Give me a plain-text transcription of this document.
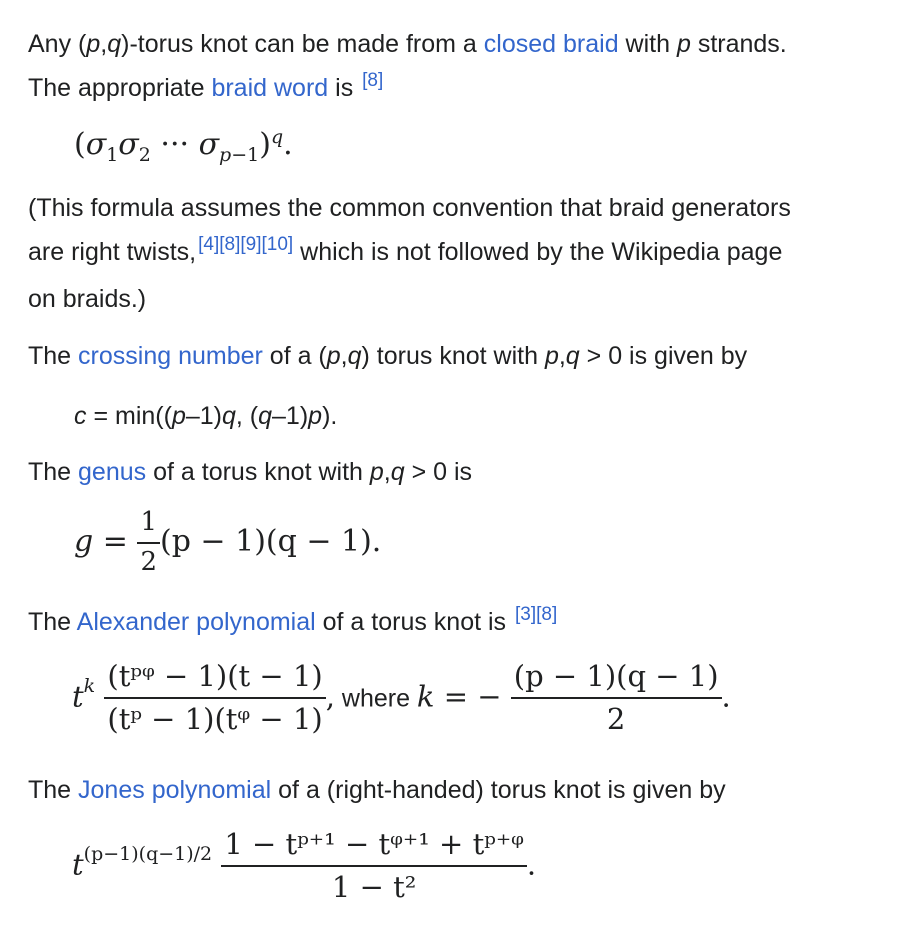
Any (p,q)-torus knot can be made from a closed braid with p strands.
The appropriate braid word is [8]

($\sigma_1\sigma_2$ ··· $\sigma_{p-1})^q$.

(This formula assumes the common convention that braid generators
are right twists, [4][8][9][10] which is not followed by the Wikipedia page
on braids.)

The crossing number of a (p,q) torus knot with p,q > 0 is given by

c = min((p–1)q, (q–1)p).

The genus of a torus knot with p,q > 0 is

$g = \frac{1}{2} (p - 1)(q - 1)$.

The Alexander polynomial of a torus knot is [3][8]

$t^k \frac{\text{(tᵖᵠ − 1)(t − 1)}}{\text{(tᵖ − 1)(tᵠ − 1)}}$ , where k = − $\frac{(p - 1)(q - 1)}{2}$ .

The Jones polynomial of a (right-handed) torus knot is given by

$t^{(p-1)(q-1)/2} \frac{\text{1 − tᵖ⁺¹ − tᵠ⁺¹ + tᵖ⁺ᵠ}}{\text{1 − t²}}$ .
